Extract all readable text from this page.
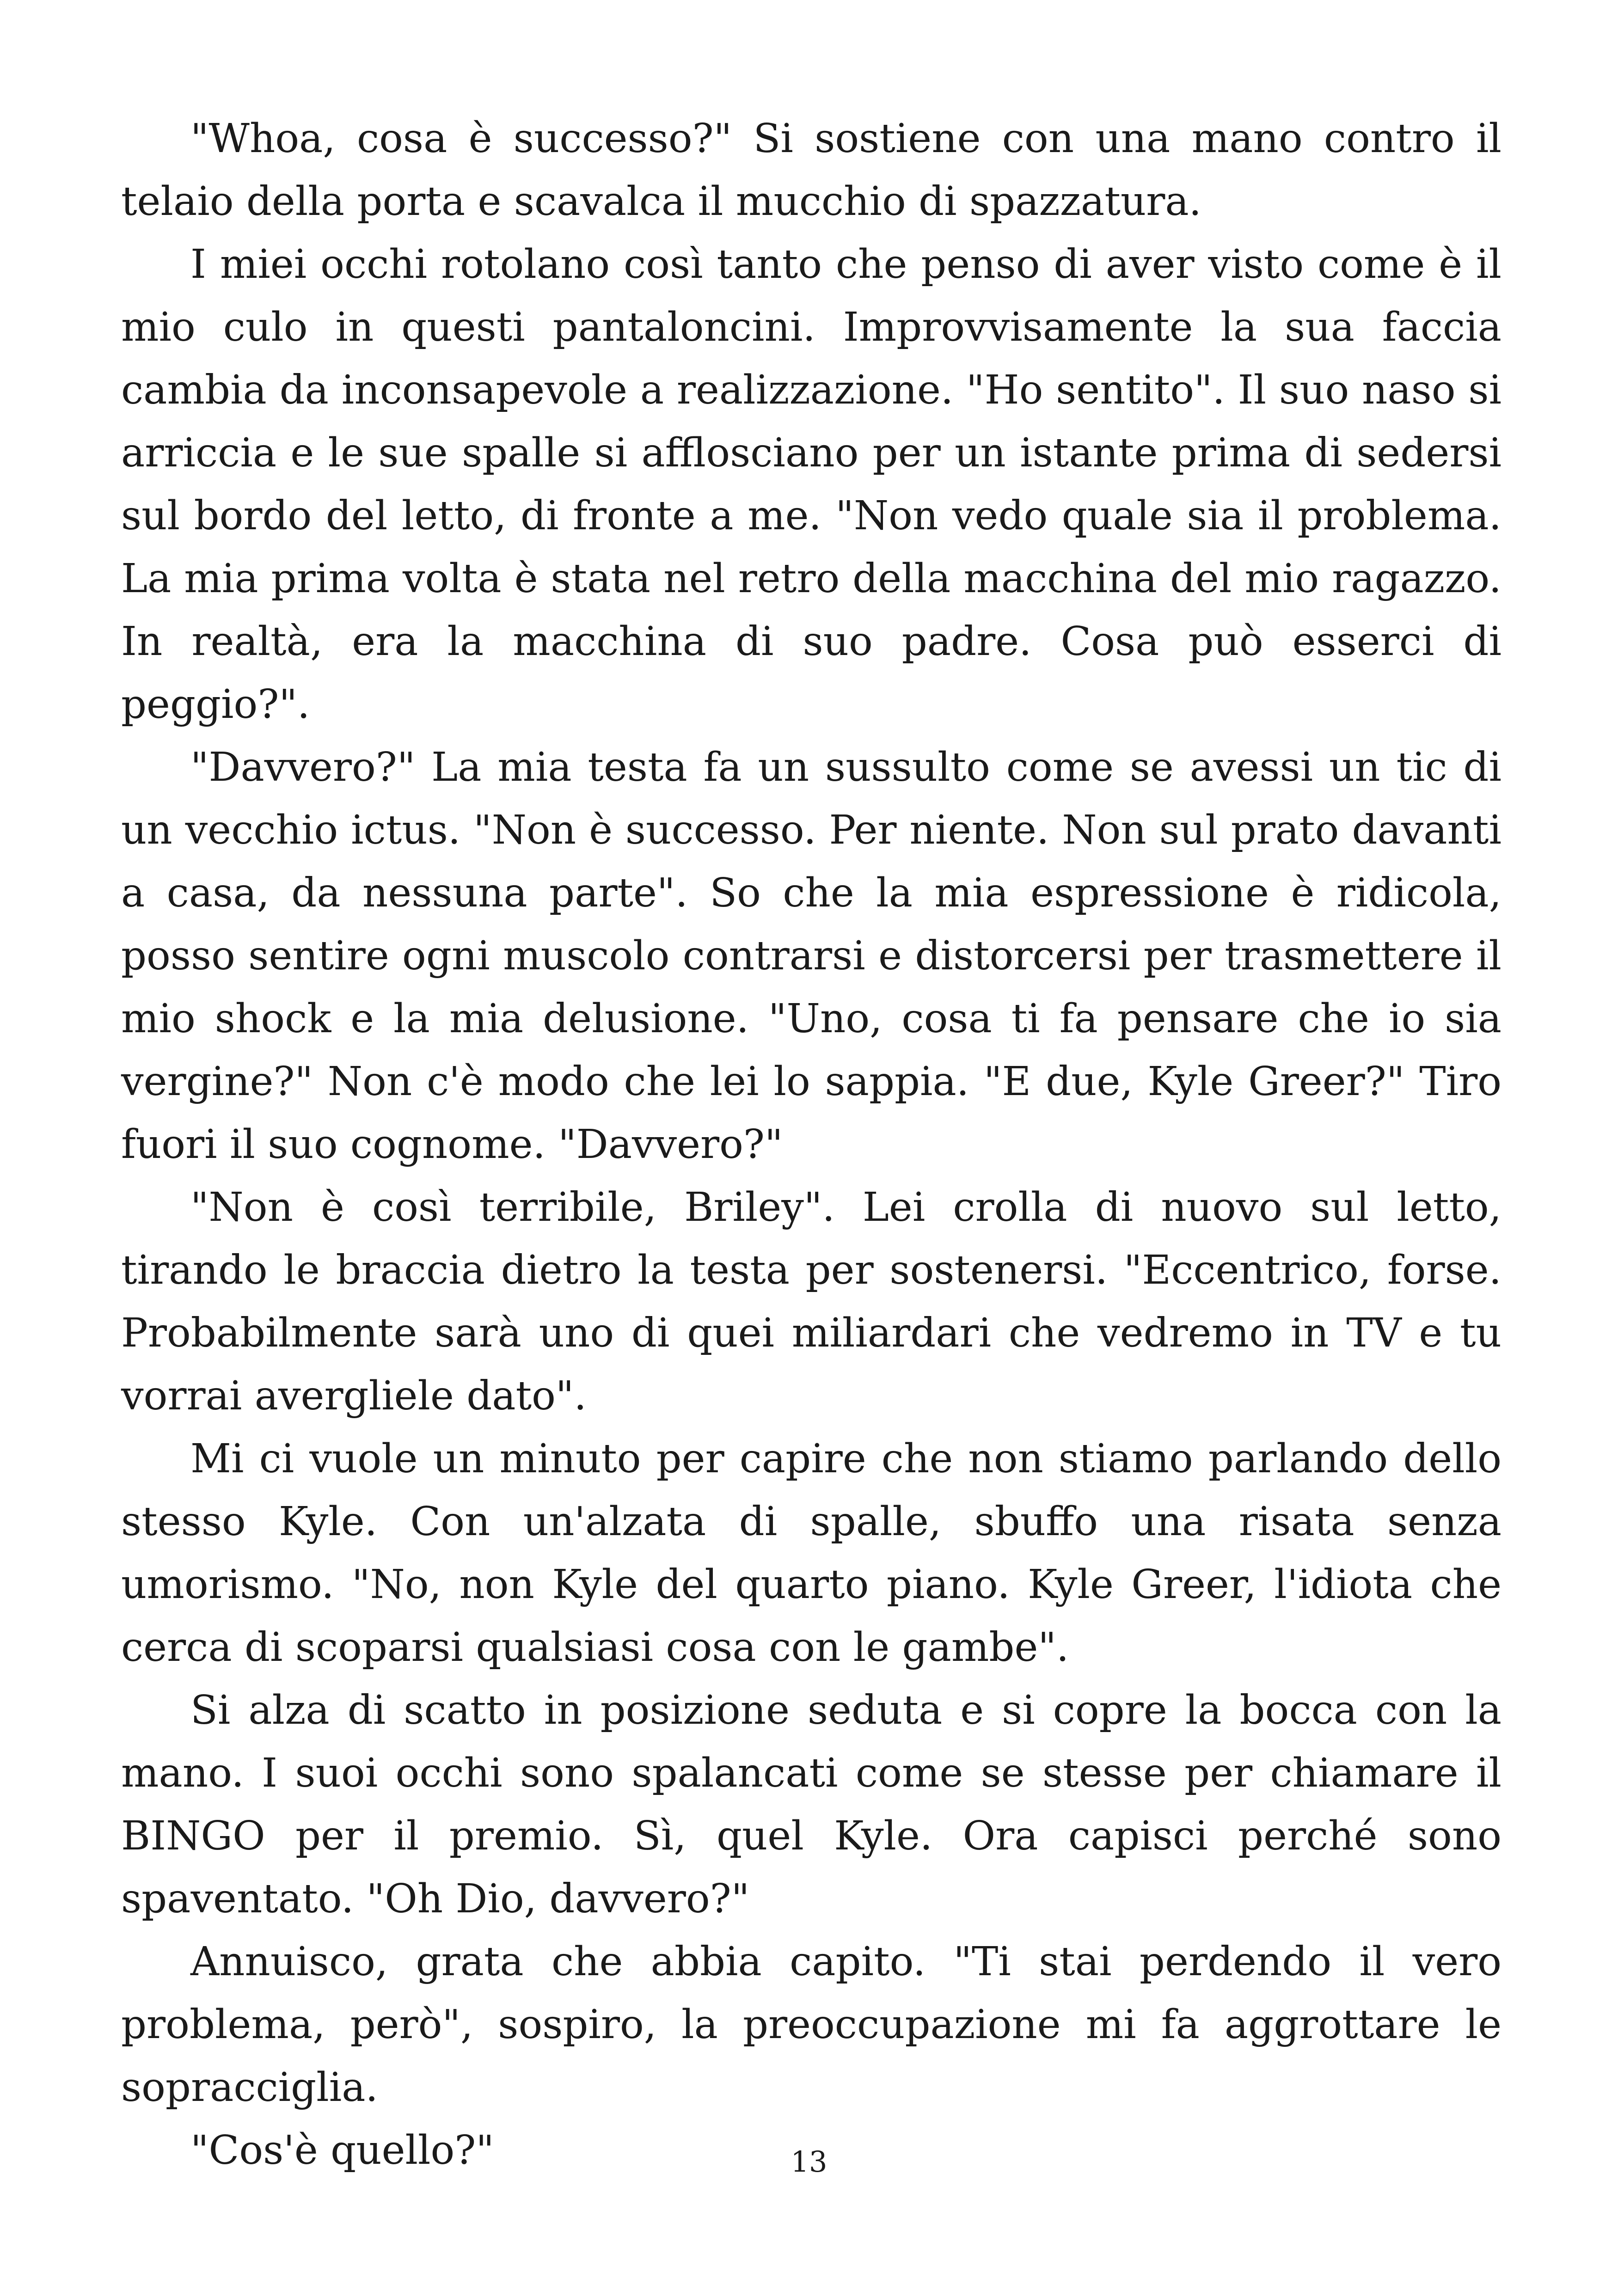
"Whoa, cosa è successo?" Si sostiene con una mano contro il telaio della porta e scavalca il mucchio di spazzatura.

I miei occhi rotolano così tanto che penso di aver visto come è il mio culo in questi pantaloncini. Improvvisamente la sua faccia cambia da inconsapevole a realizzazione. "Ho sentito". Il suo naso si arriccia e le sue spalle si afflosciano per un istante prima di sedersi sul bordo del letto, di fronte a me. "Non vedo quale sia il problema. La mia prima volta è stata nel retro della macchina del mio ragazzo. In realtà, era la macchina di suo padre. Cosa può esserci di peggio?".

"Davvero?" La mia testa fa un sussulto come se avessi un tic di un vecchio ictus. "Non è successo. Per niente. Non sul prato davanti a casa, da nessuna parte". So che la mia espressione è ridicola, posso sentire ogni muscolo contrarsi e distorcersi per trasmettere il mio shock e la mia delusione. "Uno, cosa ti fa pensare che io sia vergine?" Non c'è modo che lei lo sappia. "E due, Kyle Greer?" Tiro fuori il suo cognome. "Davvero?"

"Non è così terribile, Briley". Lei crolla di nuovo sul letto, tirando le braccia dietro la testa per sostenersi. "Eccentrico, forse. Probabilmente sarà uno di quei miliardari che vedremo in TV e tu vorrai avergliele dato".

Mi ci vuole un minuto per capire che non stiamo parlando dello stesso Kyle. Con un'alzata di spalle, sbuffo una risata senza umorismo. "No, non Kyle del quarto piano. Kyle Greer, l'idiota che cerca di scoparsi qualsiasi cosa con le gambe".

Si alza di scatto in posizione seduta e si copre la bocca con la mano. I suoi occhi sono spalancati come se stesse per chiamare il BINGO per il premio. Sì, quel Kyle. Ora capisci perché sono spaventato. "Oh Dio, davvero?"

Annuisco, grata che abbia capito. "Ti stai perdendo il vero problema, però", sospiro, la preoccupazione mi fa aggrottare le sopracciglia.

"Cos'è quello?"	13
